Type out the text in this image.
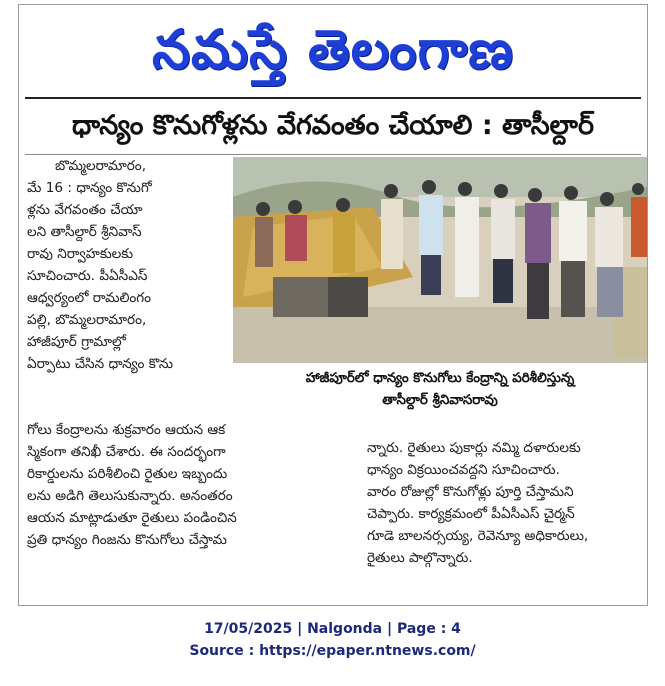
నమస్తే తెలంగాణ
ధాన్యం కొనుగోళ్లను వేగవంతం చేయాలి : తాసీల్దార్

బొమ్మలరామారం,

మే 16 : ధాన్యం కొనుగో

ళ్లను వేగవంతం చేయా

లని తాసీల్దార్ శ్రీనివాస్

రావు నిర్వాహకులకు

సూచించారు. పీఏసీఎస్

ఆధ్వర్యంలో రామలింగం

పల్లి, బొమ్మలరామారం,

హాజీపూర్ గ్రామాల్లో

ఏర్పాటు చేసిన ధాన్యం కొను

హాజీపూర్‌లో ధాన్యం కొనుగోలు కేంద్రాన్ని పరిశీలిస్తున్న
తాసీల్దార్ శ్రీనివాసరావు

గోలు కేంద్రాలను శుక్రవారం ఆయన ఆక

స్మికంగా తనిఖీ చేశారు. ఈ సందర్భంగా

రికార్డులను పరిశీలించి రైతుల ఇబ్బందు

లను అడిగి తెలుసుకున్నారు. అనంతరం

ఆయన మాట్లాడుతూ రైతులు పండించిన

ప్రతి ధాన్యం గింజను కొనుగోలు చేస్తామ

న్నారు. రైతులు పుకార్లు నమ్మి దళారులకు

ధాన్యం విక్రయించవద్దని సూచించారు.

వారం రోజుల్లో కొనుగోళ్లు పూర్తి చేస్తామని

చెప్పారు. కార్యక్రమంలో పీఏసీఎస్ చైర్మన్

గూడె బాలనర్సయ్య, రెవెన్యూ అధికారులు,

రైతులు పాల్గొన్నారు.

17/05/2025 | Nalgonda | Page : 4
Source : https://epaper.ntnews.com/
